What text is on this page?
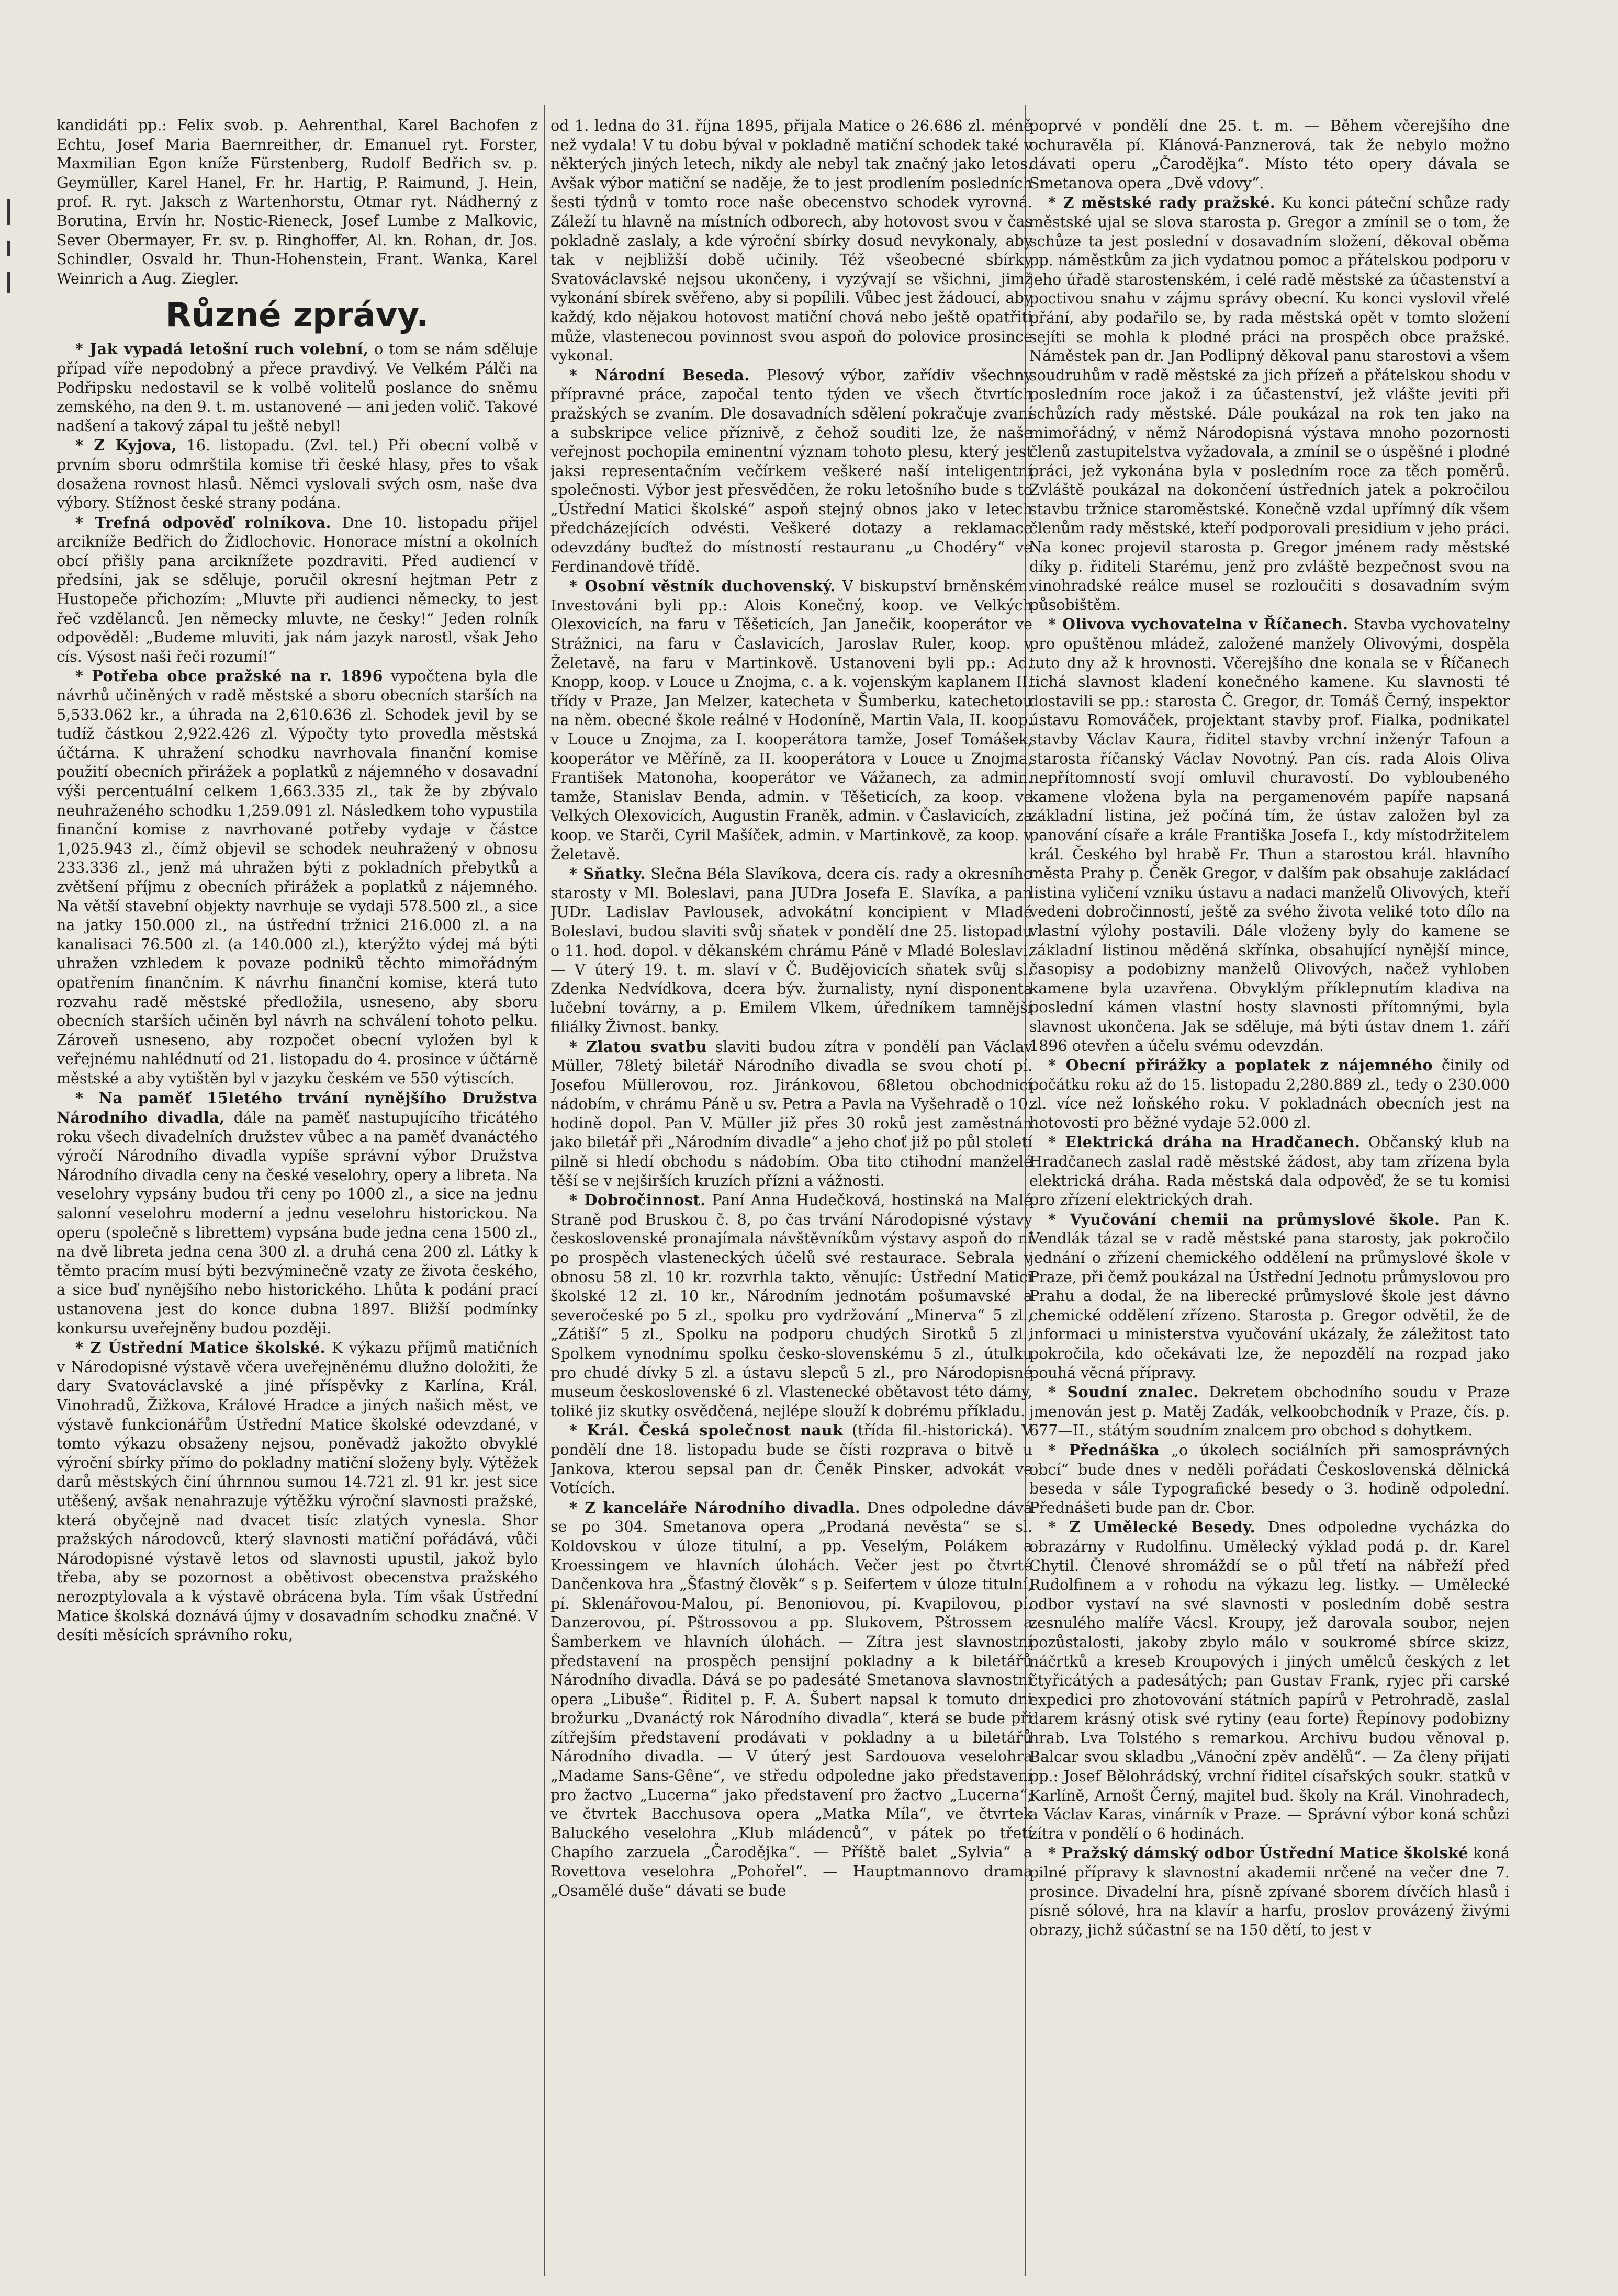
kandidáti pp.: Felix svob. p. Aehrenthal, Karel Bachofen z Echtu, Josef Maria Baernreither, dr. Emanuel ryt. Forster, Maxmilian Egon kníže Fürstenberg, Rudolf Bedřich sv. p. Geymüller, Karel Hanel, Fr. hr. Hartig, P. Raimund, J. Hein, prof. R. ryt. Jaksch z Wartenhorstu, Otmar ryt. Nádherný z Borutina, Ervín hr. Nostic-Rieneck, Josef Lumbe z Malkovic, Sever Obermayer, Fr. sv. p. Ringhoffer, Al. kn. Rohan, dr. Jos. Schindler, Osvald hr. Thun-Hohenstein, Frant. Wanka, Karel Weinrich a Aug. Ziegler.

Různé zprávy.

* Jak vypadá letošní ruch volební, o tom se nám sděluje případ víře nepodobný a přece pravdivý. Ve Velkém Pálči na Podřipsku nedostavil se k volbě volitelů poslance do sněmu zemského, na den 9. t. m. ustanovené — ani jeden volič. Takové nadšení a takový zápal tu ještě nebyl!

* Z Kyjova, 16. listopadu. (Zvl. tel.) Při obecní volbě v prvním sboru odmrštila komise tři české hlasy, přes to však dosažena rovnost hlasů. Němci vyslovali svých osm, naše dva výbory. Stížnost české strany podána.

* Trefná odpověď rolníkova. Dne 10. listopadu přijel arcikníže Bedřich do Židlochovic. Honorace místní a okolních obcí přišly pana arciknížete pozdraviti. Před audiencí v předsíni, jak se sděluje, poručil okresní hejtman Petr z Hustopeče přichozím: „Mluvte při audienci německy, to jest řeč vzdělanců. Jen německy mluvte, ne česky!“ Jeden rolník odpověděl: „Budeme mluviti, jak nám jazyk narostl, však Jeho cís. Výsost naši řeči rozumí!“

* Potřeba obce pražské na r. 1896 vypočtena byla dle návrhů učiněných v radě městské a sboru obecních starších na 5,533.062 kr., a úhrada na 2,610.636 zl. Schodek jevil by se tudíž částkou 2,922.426 zl. Výpočty tyto provedla městská účtárna. K uhražení schodku navrhovala finanční komise použití obecních přirážek a poplatků z nájemného v dosavadní výši percentuální celkem 1,663.335 zl., tak že by zbývalo neuhraženého schodku 1,259.091 zl. Následkem toho vypustila finanční komise z navrhované potřeby vydaje v částce 1,025.943 zl., čímž objevil se schodek neuhražený v obnosu 233.336 zl., jenž má uhražen býti z pokladních přebytků a zvětšení příjmu z obecních přirážek a poplatků z nájemného. Na větší stavební objekty navrhuje se vydaji 578.500 zl., a sice na jatky 150.000 zl., na ústřední tržnici 216.000 zl. a na kanalisaci 76.500 zl. (a 140.000 zl.), kterýžto výdej má býti uhražen vzhledem k povaze podniků těchto mimořádným opatřením finančním. K návrhu finanční komise, která tuto rozvahu radě městské předložila, usneseno, aby sboru obecních starších učiněn byl návrh na schválení tohoto pelku. Zároveň usneseno, aby rozpočet obecní vyložen byl k veřejnému nahlédnutí od 21. listopadu do 4. prosince v účtárně městské a aby vytištěn byl v jazyku českém ve 550 výtiscích.

* Na paměť 15letého trvání nynějšího Družstva Národního divadla, dále na paměť nastupujícího třicátého roku všech divadelních družstev vůbec a na paměť dvanáctého výročí Národního divadla vypíše správní výbor Družstva Národního divadla ceny na české veselohry, opery a libreta. Na veselohry vypsány budou tři ceny po 1000 zl., a sice na jednu salonní veselohru moderní a jednu veselohru historickou. Na operu (společně s librettem) vypsána bude jedna cena 1500 zl., na dvě libreta jedna cena 300 zl. a druhá cena 200 zl. Látky k těmto pracím musí býti bezvýminečně vzaty ze života českého, a sice buď nynějšího nebo historického. Lhůta k podání prací ustanovena jest do konce dubna 1897. Bližší podmínky konkursu uveřejněny budou později.

* Z Ústřední Matice školské. K výkazu příjmů matičních v Národopisné výstavě včera uveřejněnému dlužno doložiti, že dary Svatováclavské a jiné příspěvky z Karlína, Král. Vinohradů, Žižkova, Králové Hradce a jiných našich měst, ve výstavě funkcionářům Ústřední Matice školské odevzdané, v tomto výkazu obsaženy nejsou, poněvadž jakožto obvyklé výroční sbírky přímo do pokladny matiční složeny byly. Výtěžek darů městských činí úhrnnou sumou 14.721 zl. 91 kr. jest sice utěšený, avšak nenahrazuje výtěžku výroční slavnosti pražské, která obyčejně nad dvacet tisíc zlatých vynesla. Shor pražských národovců, který slavnosti matiční pořádává, vůči Národopisné výstavě letos od slavnosti upustil, jakož bylo třeba, aby se pozornost a obětivost obecenstva pražského nerozptylovala a k výstavě obrácena byla. Tím však Ústřední Matice školská doznává újmy v dosavadním schodku značné. V desíti měsících správního roku,

od 1. ledna do 31. října 1895, přijala Matice o 26.686 zl. méně než vydala! V tu dobu býval v pokladně matiční schodek také v některých jiných letech, nikdy ale nebyl tak značný jako letos. Avšak výbor matiční se naděje, že to jest prodlením posledních šesti týdnů v tomto roce naše obecenstvo schodek vyrovná. Záleží tu hlavně na místních odborech, aby hotovost svou v čas pokladně zaslaly, a kde výroční sbírky dosud nevykonaly, aby tak v nejbližší době učinily. Též všeobecné sbírky Svatováclavské nejsou ukončeny, i vyzývají se všichni, jimž vykonání sbírek svěřeno, aby si popílili. Vůbec jest žádoucí, aby každý, kdo nějakou hotovost matiční chová nebo ještě opatřiti může, vlastenecou povinnost svou aspoň do polovice prosince vykonal.

* Národní Beseda. Plesový výbor, zařídiv všechny přípravné práce, započal tento týden ve všech čtvrtích pražských se zvaním. Dle dosavadních sdělení pokračuje zvaní a subskripce velice příznivě, z čehož souditi lze, že naše veřejnost pochopila eminentní význam tohoto plesu, který jest jaksi representačním večírkem veškeré naší inteligentní společnosti. Výbor jest přesvědčen, že roku letošního bude s to „Ústřední Matici školské“ aspoň stejný obnos jako v letech předcházejících odvésti. Veškeré dotazy a reklamace odevzdány buďtež do místností restauranu „u Chodéry“ ve Ferdinandově třídě.

* Osobní věstník duchovenský. V biskupství brněnském. Investováni byli pp.: Alois Konečný, koop. ve Velkých Olexovicích, na faru v Těšeticích, Jan Janečik, kooperátor ve Strážnici, na faru v Časlavicích, Jaroslav Ruler, koop. v Želetavě, na faru v Martinkově. Ustanoveni byli pp.: Ad. Knopp, koop. v Louce u Znojma, c. a k. vojenským kaplanem II. třídy v Praze, Jan Melzer, katecheta v Šumberku, katechetou na něm. obecné škole reálné v Hodoníně, Martin Vala, II. koop. v Louce u Znojma, za I. kooperátora tamže, Josef Tomášek, kooperátor ve Měříně, za II. kooperátora v Louce u Znojma, František Matonoha, kooperátor ve Vážanech, za admin. tamže, Stanislav Benda, admin. v Těšeticích, za koop. ve Velkých Olexovicích, Augustin Franěk, admin. v Časlavicích, za koop. ve Starči, Cyril Mašíček, admin. v Martinkově, za koop. v Želetavě.

* Sňatky. Slečna Béla Slavíkova, dcera cís. rady a okresního starosty v Ml. Boleslavi, pana JUDra Josefa E. Slavíka, a pan JUDr. Ladislav Pavlousek, advokátní koncipient v Mladé Boleslavi, budou slaviti svůj sňatek v pondělí dne 25. listopadu o 11. hod. dopol. v děkanském chrámu Páně v Mladé Boleslavi. — V úterý 19. t. m. slaví v Č. Budějovicích sňatek svůj sl. Zdenka Nedvídkova, dcera býv. žurnalisty, nyní disponenta lučební továrny, a p. Emilem Vlkem, úředníkem tamnější filiálky Živnost. banky.

* Zlatou svatbu slaviti budou zítra v pondělí pan Václav Müller, 78letý biletář Národního divadla se svou chotí pí. Josefou Müllerovou, roz. Jiránkovou, 68letou obchodnicí nádobím, v chrámu Páně u sv. Petra a Pavla na Vyšehradě o 10. hodině dopol. Pan V. Müller již přes 30 roků jest zaměstnán jako biletář při „Národním divadle“ a jeho choť již po půl století pilně si hledí obchodu s nádobím. Oba tito ctihodní manželé těší se v nejširších kruzích přízni a vážnosti.

* Dobročinnost. Paní Anna Hudečková, hostinská na Malé Straně pod Bruskou č. 8, po čas trvání Národopisné výstavy československé pronajímala návštěvníkům výstavy aspoň do ní po prospěch vlasteneckých účelů své restaurace. Sebrala v obnosu 58 zl. 10 kr. rozvrhla takto, věnujíc: Ústřední Matici školské 12 zl. 10 kr., Národním jednotám pošumavské a severočeské po 5 zl., spolku pro vydržování „Minerva“ 5 zl., „Zátiší“ 5 zl., Spolku na podporu chudých Sirotků 5 zl., Spolkem vynodnímu spolku česko-slovenskému 5 zl., útulku pro chudé dívky 5 zl. a ústavu slepců 5 zl., pro Národopisné museum československé 6 zl. Vlastenecké obětavost této dámy, toliké jiz skutky osvědčená, nejlépe slouží k dobrému příkladu.

* Král. Česká společnost nauk (třída fil.-historická). V pondělí dne 18. listopadu bude se čísti rozprava o bitvě u Jankova, kterou sepsal pan dr. Čeněk Pinsker, advokát ve Votících.

* Z kanceláře Národního divadla. Dnes odpoledne dává se po 304. Smetanova opera „Prodaná nevěsta“ se sl. Koldovskou v úloze titulní, a pp. Veselým, Polákem a Kroessingem ve hlavních úlohách. Večer jest po čtvrté Dančenkova hra „Šťastný člověk“ s p. Seifertem v úloze titulní, pí. Sklenářovou-Malou, pí. Benoniovou, pí. Kvapilovou, pí. Danzerovou, pí. Pštrossovou a pp. Slukovem, Pštrossem a Šamberkem ve hlavních úlohách. — Zítra jest slavnostní představení na prospěch pensijní pokladny a k biletářů Národního divadla. Dává se po padesáté Smetanova slavnostní opera „Libuše“. Řiditel p. F. A. Šubert napsal k tomuto dni brožurku „Dvanáctý rok Národního divadla“, která se bude při zítřejším představení prodávati v pokladny a u biletářů Národního divadla. — V úterý jest Sardouova veselohra „Madame Sans-Gêne“, ve středu odpoledne jako představení pro žactvo „Lucerna“ jako představení pro žactvo „Lucerna“; ve čtvrtek Bacchusova opera „Matka Míla“, ve čtvrtek Baluckého veselohra „Klub mládenců“, v pátek po třetí Chapího zarzuela „Čarodějka“. — Příště balet „Sylvia“ a Rovettova veselohra „Pohořel“. — Hauptmannovo drama „Osamělé duše“ dávati se bude

poprvé v pondělí dne 25. t. m. — Během včerejšího dne ochuravěla pí. Klánová-Panznerová, tak že nebylo možno dávati operu „Čarodějka“. Místo této opery dávala se Smetanova opera „Dvě vdovy“.

* Z městské rady pražské. Ku konci páteční schůze rady městské ujal se slova starosta p. Gregor a zmínil se o tom, že schůze ta jest poslední v dosavadním složení, děkoval oběma pp. náměstkům za jich vydatnou pomoc a přátelskou podporu v jeho úřadě starostenském, i celé radě městské za účastenství a poctivou snahu v zájmu správy obecní. Ku konci vyslovil vřelé přání, aby podařilo se, by rada městská opět v tomto složení sejíti se mohla k plodné práci na prospěch obce pražské. Náměstek pan dr. Jan Podlipný děkoval panu starostovi a všem soudruhům v radě městské za jich přízeň a přátelskou shodu v posledním roce jakož i za účastenství, jež vlášte jeviti při schůzích rady městské. Dále poukázal na rok ten jako na mimořádný, v němž Národopisná výstava mnoho pozornosti členů zastupitelstva vyžadovala, a zmínil se o úspěšné i plodné práci, jež vykonána byla v posledním roce za těch poměrů. Zvláště poukázal na dokončení ústředních jatek a pokročilou stavbu tržnice staroměstské. Konečně vzdal upřímný dík všem členům rady městské, kteří podporovali presidium v jeho práci. Na konec projevil starosta p. Gregor jménem rady městské díky p. řiditeli Starému, jenž pro zvláště bezpečnost svou na vinohradské reálce musel se rozloučiti s dosavadním svým působištěm.

* Olivova vychovatelna v Říčanech. Stavba vychovatelny pro opuštěnou mládež, založené manžely Olivovými, dospěla tuto dny až k hrovnosti. Včerejšího dne konala se v Říčanech tichá slavnost kladení konečného kamene. Ku slavnosti té dostavili se pp.: starosta Č. Gregor, dr. Tomáš Černý, inspektor ústavu Romováček, projektant stavby prof. Fialka, podnikatel stavby Václav Kaura, řiditel stavby vrchní inženýr Tafoun a starosta říčanský Václav Novotný. Pan cís. rada Alois Oliva nepřítomností svojí omluvil churavostí. Do vybloubeného kamene vložena byla na pergamenovém papíře napsaná základní listina, jež počíná tím, že ústav založen byl za panování císaře a krále Františka Josefa I., kdy místodržitelem král. Českého byl hrabě Fr. Thun a starostou král. hlavního města Prahy p. Čeněk Gregor, v dalším pak obsahuje zakládací listina vyličení vzniku ústavu a nadaci manželů Olivových, kteří vedeni dobročinností, ještě za svého života veliké toto dílo na vlastní výlohy postavili. Dále vloženy byly do kamene se základní listinou měděná skřínka, obsahující nynější mince, časopisy a podobizny manželů Olivových, načež vyhloben kamene byla uzavřena. Obvyklým příklepnutím kladiva na poslední kámen vlastní hosty slavnosti přítomnými, byla slavnost ukončena. Jak se sděluje, má býti ústav dnem 1. září 1896 otevřen a účelu svému odevzdán.

* Obecní přirážky a poplatek z nájemného činily od počátku roku až do 15. listopadu 2,280.889 zl., tedy o 230.000 zl. více než loňského roku. V pokladnách obecních jest na hotovosti pro běžné vydaje 52.000 zl.

* Elektrická dráha na Hradčanech. Občanský klub na Hradčanech zaslal radě městské žádost, aby tam zřízena byla elektrická dráha. Rada městská dala odpověď, že se tu komisi pro zřízení elektrických drah.

* Vyučování chemii na průmyslové škole. Pan K. Vendlák tázal se v radě městské pana starosty, jak pokročilo jednání o zřízení chemického oddělení na průmyslové škole v Praze, při čemž poukázal na Ústřední Jednotu průmyslovou pro Prahu a dodal, že na liberecké průmyslové škole jest dávno chemické oddělení zřízeno. Starosta p. Gregor odvětil, že de informaci u ministerstva vyučování ukázaly, že záležitost tato pokročila, kdo očekávati lze, že nepozdělí na rozpad jako pouhá věcná přípravy.

* Soudní znalec. Dekretem obchodního soudu v Praze jmenován jest p. Matěj Zadák, velkoobchodník v Praze, čís. p. 677—II., státým soudním znalcem pro obchod s dohytkem.

* Přednáška „o úkolech sociálních při samosprávných obcí“ bude dnes v neděli pořádati Československá dělnická beseda v sále Typografické besedy o 3. hodině odpolední. Přednášeti bude pan dr. Cbor.

* Z Umělecké Besedy. Dnes odpoledne vycházka do obrazárny v Rudolfinu. Umělecký výklad podá p. dr. Karel Chytil. Členové shromáždí se o půl třetí na nábřeží před Rudolfinem a v rohodu na výkazu leg. listky. — Umělecké odbor vystaví na své slavnosti v posledním době sestra zesnulého malíře Vácsl. Kroupy, jež darovala soubor, nejen pozůstalosti, jakoby zbylo málo v soukromé sbírce skizz, náčrtků a kreseb Kroupových i jiných umělců českých z let čtyřicátých a padesátých; pan Gustav Frank, ryjec při carské expedici pro zhotovování státních papírů v Petrohradě, zaslal darem krásný otisk své rytiny (eau forte) Řepínovy podobizny hrab. Lva Tolstého s remarkou. Archivu budou věnoval p. Balcar svou skladbu „Vánoční zpěv andělů“. — Za členy přijati pp.: Josef Bělohrádský, vrchní řiditel císařských soukr. statků v Karlíně, Arnošt Černý, majitel bud. školy na Král. Vinohradech, a Václav Karas, vinárník v Praze. — Správní výbor koná schůzi zítra v pondělí o 6 hodinách.

* Pražský dámský odbor Ústřední Matice školské koná pilné přípravy k slavnostní akademii nrčené na večer dne 7. prosince. Divadelní hra, písně zpívané sborem dívčích hlasů i písně sólové, hra na klavír a harfu, proslov provázený živými obrazy, jichž súčastní se na 150 dětí, to jest v
